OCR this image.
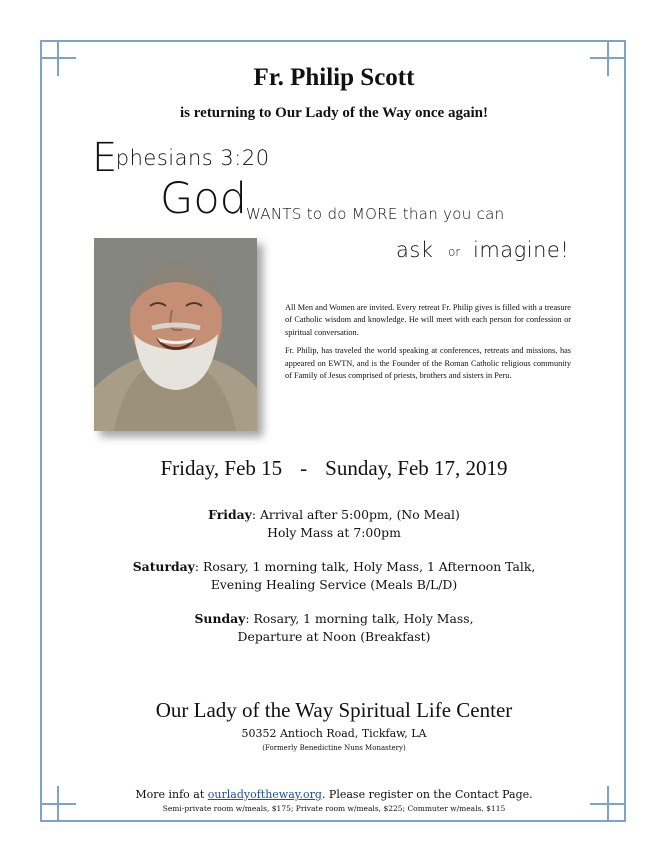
Fr. Philip Scott
is returning to Our Lady of the Way once again!
Ephesians 3:20
God WANTS to do MORE than you can
ask or imagine!

All Men and Women are invited. Every retreat Fr. Philip gives is filled with a treasure of Catholic wisdom and knowledge. He will meet with each person for confession or spiritual conversation.

Fr. Philip, has traveled the world speaking at conferences, retreats and missions, has appeared on EWTN, and is the Founder of the Roman Catholic religious community of Family of Jesus comprised of priests, brothers and sisters in Peru.

Friday, Feb 15 - Sunday, Feb 17, 2019
Friday: Arrival after 5:00pm, (No Meal)
Holy Mass at 7:00pm
Saturday: Rosary, 1 morning talk, Holy Mass, 1 Afternoon Talk,
Evening Healing Service (Meals B/L/D)
Sunday: Rosary, 1 morning talk, Holy Mass,
Departure at Noon (Breakfast)
Our Lady of the Way Spiritual Life Center
50352 Antioch Road, Tickfaw, LA
(Formerly Benedictine Nuns Monastery)
More info at ourladyoftheway.org. Please register on the Contact Page.
Semi-private room w/meals, $175; Private room w/meals, $225; Commuter w/meals, $115
